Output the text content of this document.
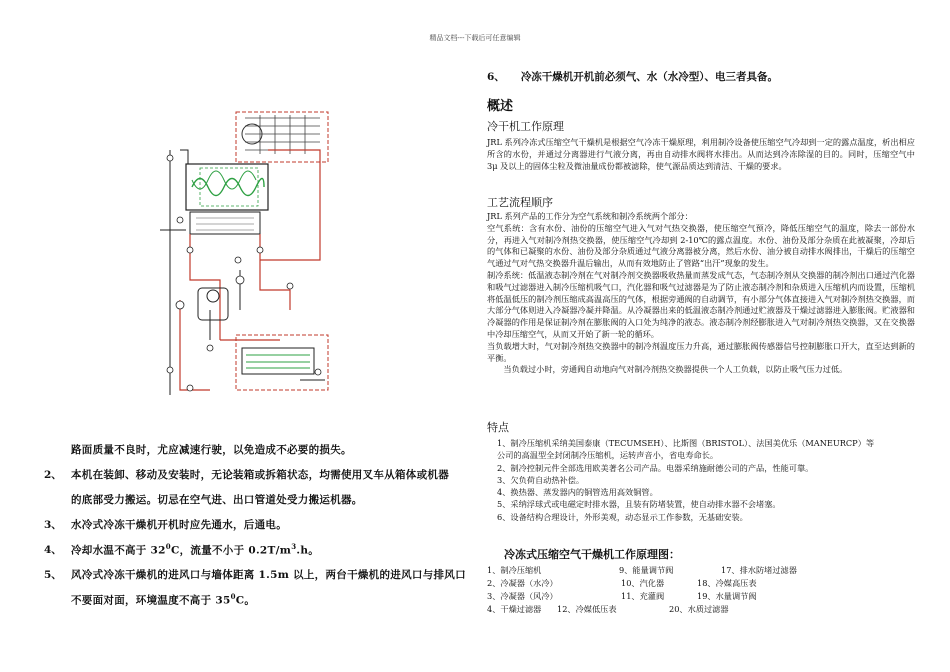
精品文档---下载后可任意编辑
路面质量不良时，尤应减速行驶，以免造成不必要的损失。
2、 本机在装卸、移动及安装时，无论装箱或拆箱状态，均需使用叉车从箱体或机器
的底部受力搬运。切忌在空气进、出口管道处受力搬运机器。
3、 水冷式冷冻干燥机开机时应先通水，后通电。
4、 冷却水温不高于 $32^0C$，流量不小于 $0.2T/m^3.h$。
5、 风冷式冷冻干燥机的进风口与墙体距离 1.5m 以上，两台干燥机的进风口与排风口
不要面对面，环境温度不高于 $35^0C$。
6、 冷冻干燥机开机前必须气、水（水冷型）、电三者具备。
概述
冷干机工作原理
JRL 系列冷冻式压缩空气干燥机是根据空气冷冻干燥原理，利用制冷设备使压缩空气冷却到一定的露点温度，析出相应所含的水份，并通过分离器进行气液分离，再由自动排水阀将水排出。从而达到冷冻除湿的目的。同时，压缩空气中 3μ 及以上的固体尘粒及微油量成份都被滤除，使气源品质达到清洁、干燥的要求。
工艺流程顺序

JRL 系列产品的工作分为空气系统和制冷系统两个部分：

空气系统：含有水份、油份的压缩空气进入气对气热交换器，使压缩空气预冷，降低压缩空气的温度，除去一部份水分，再进入气对制冷剂热交换器，使压缩空气冷却到 2-10℃的露点温度。水份、油份及部分杂质在此被凝聚，冷却后的气体和已凝聚的水份、油份及部分杂质通过气液分离器被分离，然后水份、油分被自动排水阀排出，干燥后的压缩空气通过气对气热交换器升温后输出，从而有效地防止了管路“出汗”现象的发生。

制冷系统：低温液态制冷剂在气对制冷剂交换器吸收热量而蒸发成气态，气态制冷剂从交换器的制冷剂出口通过汽化器和吸气过滤器进入制冷压缩机吸气口，汽化器和吸气过滤器是为了防止液态制冷剂和杂质进入压缩机内而设置，压缩机将低温低压的制冷剂压缩成高温高压的气体，根据旁通阀的自动调节，有小部分气体直接进入气对制冷剂热交换器，而大部分气体则进入冷凝器冷凝并降温。从冷凝器出来的低温液态制冷剂通过贮液器及干燥过滤器进入膨胀阀。贮液器和冷凝器的作用是保证制冷剂在膨胀阀的入口处为纯净的液态。液态制冷剂经膨胀进入气对制冷剂热交换器，又在交换器中冷却压缩空气，从而又开始了新一轮的循环。

当负载增大时，气对制冷剂热交换器中的制冷剂温度压力升高，通过膨胀阀传感器信号控制膨胀口开大，直至达到新的平衡。

当负载过小时，旁通阀自动地向气对制冷剂热交换器提供一个人工负载，以防止吸气压力过低。

特点

1、制冷压缩机采纳美国泰康（TECUMSEH）、比斯图（BRISTOL）、法国美优乐（MANEURCP）等

公司的高温型全封闭制冷压缩机，运转声音小，省电寿命长。

2、制冷控制元件全部选用欧美著名公司产品。电器采纳施耐德公司的产品，性能可靠。

3、欠负荷自动热补偿。

4、换热器、蒸发器内的铜管选用高效铜管。

5、采纳浮球式或电磁定时排水器，且装有防堵装置，使自动排水器不会堵塞。

6、设备结构合理设计，外形美观，动态显示工作参数，无基础安装。

冷冻式压缩空气干燥机工作原理图：
1、制冷压缩机	9、能量调节阀	17、排水防堵过滤器
2、冷凝器（水冷）	10、汽化器	18、冷媒高压表
3、冷凝器（风冷）	11、充灌阀	19、水量调节阀
4、干燥过滤器 12、冷媒低压表	20、水质过滤器
